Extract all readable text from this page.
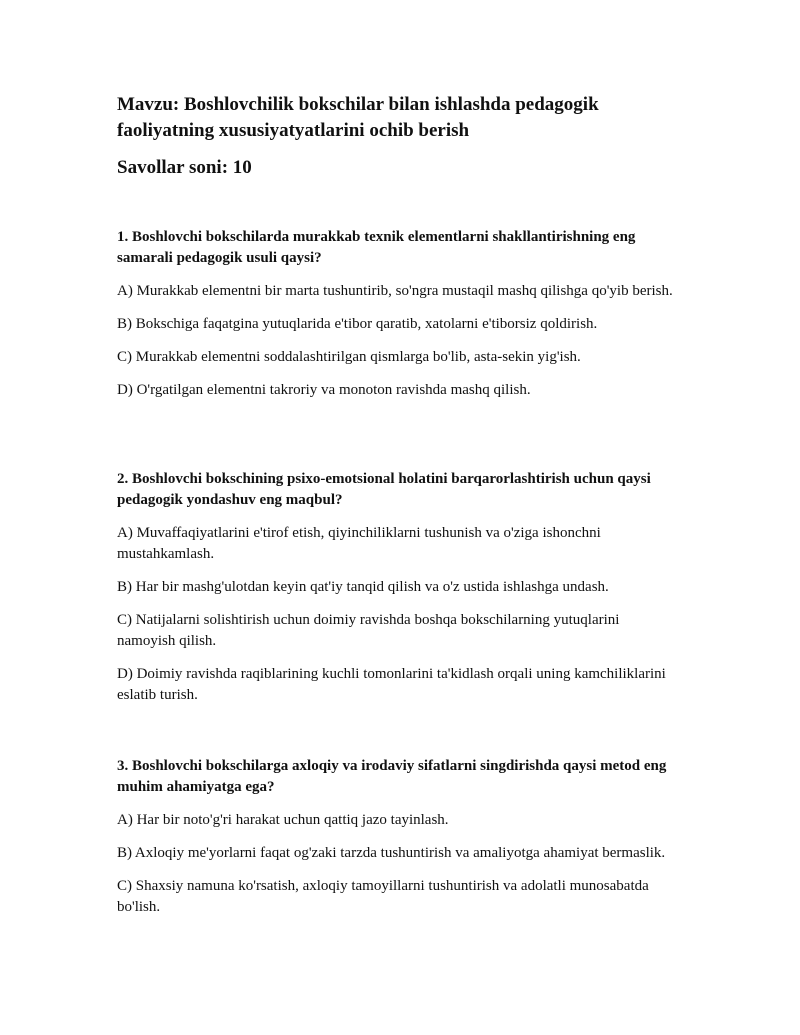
Mavzu: Boshlovchilik bokschilar bilan ishlashda pedagogik faoliyatning xususiyatyatlarini ochib berish
Savollar soni: 10

1. Boshlovchi bokschilarda murakkab texnik elementlarni shakllantirishning eng samarali pedagogik usuli qaysi?

A) Murakkab elementni bir marta tushuntirib, so'ngra mustaqil mashq qilishga qo'yib berish.

B) Bokschiga faqatgina yutuqlarida e'tibor qaratib, xatolarni e'tiborsiz qoldirish.

C) Murakkab elementni soddalashtirilgan qismlarga bo'lib, asta-sekin yig'ish.

D) O'rgatilgan elementni takroriy va monoton ravishda mashq qilish.

2. Boshlovchi bokschining psixo-emotsional holatini barqarorlashtirish uchun qaysi pedagogik yondashuv eng maqbul?

A) Muvaffaqiyatlarini e'tirof etish, qiyinchiliklarni tushunish va o'ziga ishonchni mustahkamlash.

B) Har bir mashg'ulotdan keyin qat'iy tanqid qilish va o'z ustida ishlashga undash.

C) Natijalarni solishtirish uchun doimiy ravishda boshqa bokschilarning yutuqlarini namoyish qilish.

D) Doimiy ravishda raqiblarining kuchli tomonlarini ta'kidlash orqali uning kamchiliklarini eslatib turish.

3. Boshlovchi bokschilarga axloqiy va irodaviy sifatlarni singdirishda qaysi metod eng muhim ahamiyatga ega?

A) Har bir noto'g'ri harakat uchun qattiq jazo tayinlash.

B) Axloqiy me'yorlarni faqat og'zaki tarzda tushuntirish va amaliyotga ahamiyat bermaslik.

C) Shaxsiy namuna ko'rsatish, axloqiy tamoyillarni tushuntirish va adolatli munosabatda bo'lish.
